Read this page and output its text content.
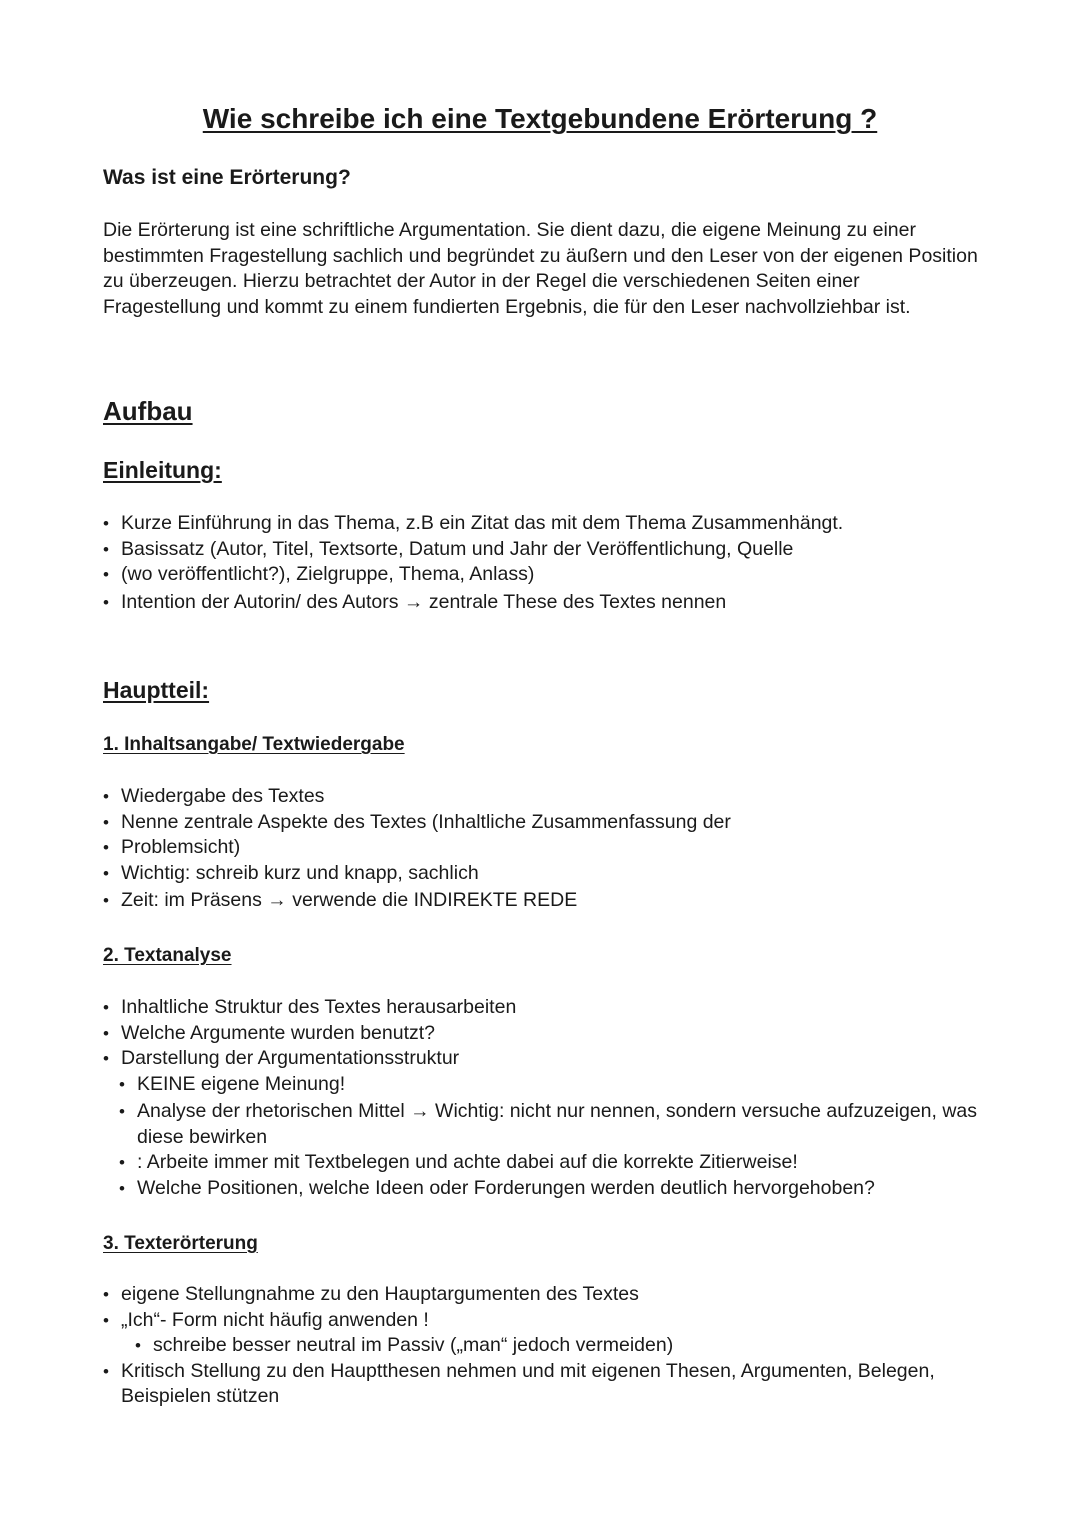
Wie schreibe ich eine Textgebundene Erörterung ?
Was ist eine Erörterung?

Die Erörterung ist eine schriftliche Argumentation. Sie dient dazu, die eigene Meinung zu einer bestimmten Fragestellung sachlich und begründet zu äußern und den Leser von der eigenen Position zu überzeugen. Hierzu betrachtet der Autor in der Regel die verschiedenen Seiten einer Fragestellung und kommt zu einem fundierten Ergebnis, die für den Leser nachvollziehbar ist.

Aufbau
Einleitung:
• Kurze Einführung in das Thema, z.B ein Zitat das mit dem Thema Zusammenhängt.
• Basissatz (Autor, Titel, Textsorte, Datum und Jahr der Veröffentlichung, Quelle
• (wo veröffentlicht?), Zielgruppe, Thema, Anlass)
• Intention der Autorin/ des Autors → zentrale These des Textes nennen
Hauptteil:
1. Inhaltsangabe/ Textwiedergabe
• Wiedergabe des Textes
• Nenne zentrale Aspekte des Textes (Inhaltliche Zusammenfassung der
• Problemsicht)
• Wichtig: schreib kurz und knapp, sachlich
• Zeit: im Präsens → verwende die INDIREKTE REDE
2. Textanalyse
• Inhaltliche Struktur des Textes herausarbeiten
• Welche Argumente wurden benutzt?
• Darstellung der Argumentationsstruktur
• KEINE eigene Meinung!
• Analyse der rhetorischen Mittel → Wichtig: nicht nur nennen, sondern versuche aufzuzeigen, was diese bewirken
• : Arbeite immer mit Textbelegen und achte dabei auf die korrekte Zitierweise!
• Welche Positionen, welche Ideen oder Forderungen werden deutlich hervorgehoben?
3. Texterörterung
• eigene Stellungnahme zu den Hauptargumenten des Textes
• „Ich“- Form nicht häufig anwenden !
• schreibe besser neutral im Passiv („man“ jedoch vermeiden)
• Kritisch Stellung zu den Hauptthesen nehmen und mit eigenen Thesen, Argumenten, Belegen, Beispielen stützen
